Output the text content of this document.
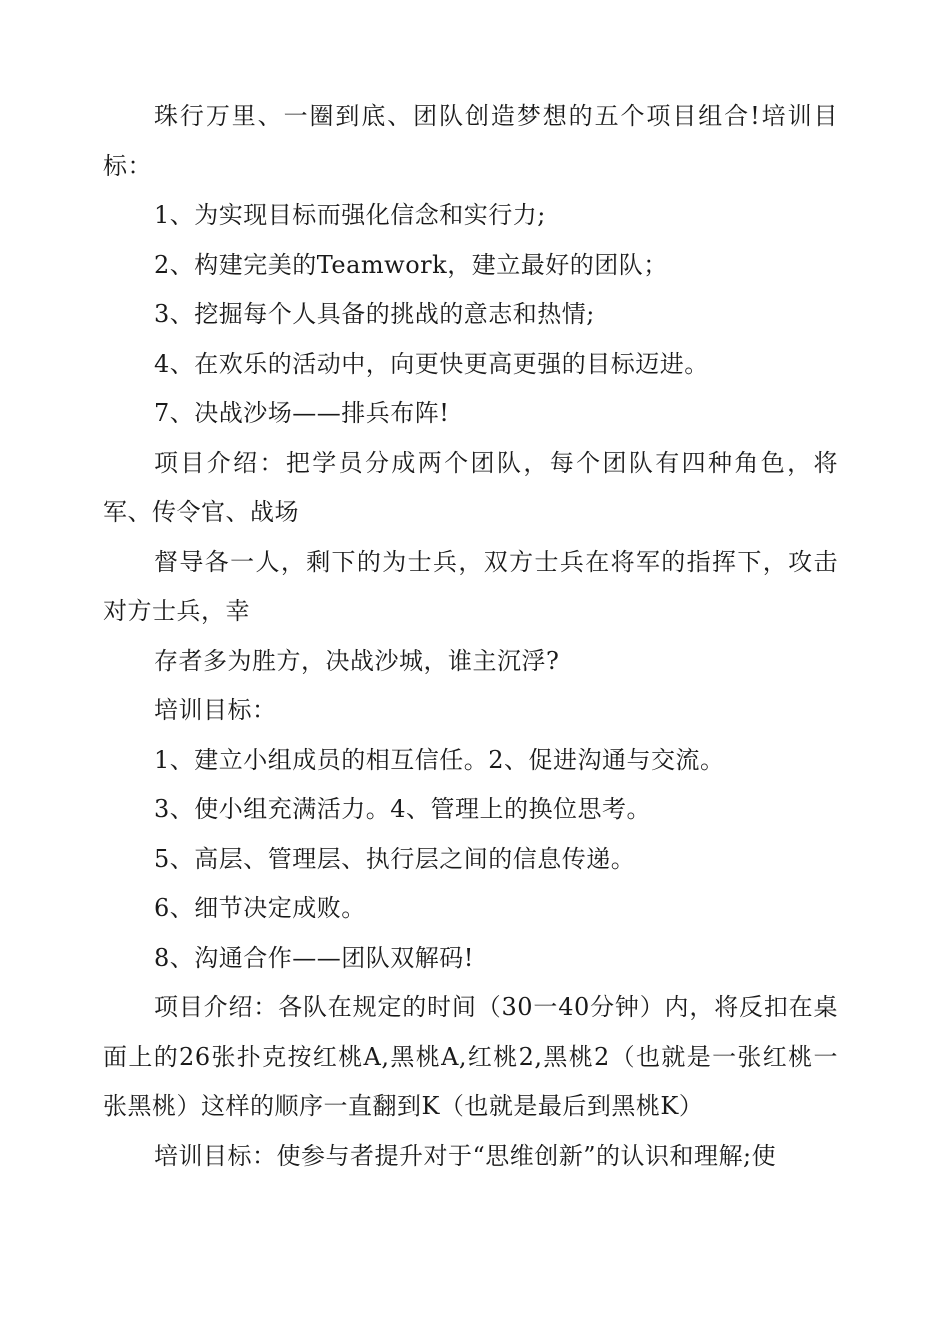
珠行万里、一圈到底、团队创造梦想的五个项目组合!培训目标：

1、为实现目标而强化信念和实行力;

2、构建完美的Teamwork，建立最好的团队；

3、挖掘每个人具备的挑战的意志和热情;

4、在欢乐的活动中，向更快更高更强的目标迈进。

7、决战沙场——排兵布阵!

项目介绍：把学员分成两个团队，每个团队有四种角色，将军、传令官、战场

督导各一人，剩下的为士兵，双方士兵在将军的指挥下，攻击对方士兵，幸

存者多为胜方，决战沙城，谁主沉浮?

培训目标：

1、建立小组成员的相互信任。2、促进沟通与交流。

3、使小组充满活力。4、管理上的换位思考。

5、高层、管理层、执行层之间的信息传递。

6、细节决定成败。

8、沟通合作——团队双解码!

项目介绍：各队在规定的时间（30一40分钟）内，将反扣在桌面上的26张扑克按红桃A,黑桃A,红桃2,黑桃2（也就是一张红桃一张黑桃）这样的顺序一直翻到K（也就是最后到黑桃K）

培训目标：使参与者提升对于“思维创新”的认识和理解;使
